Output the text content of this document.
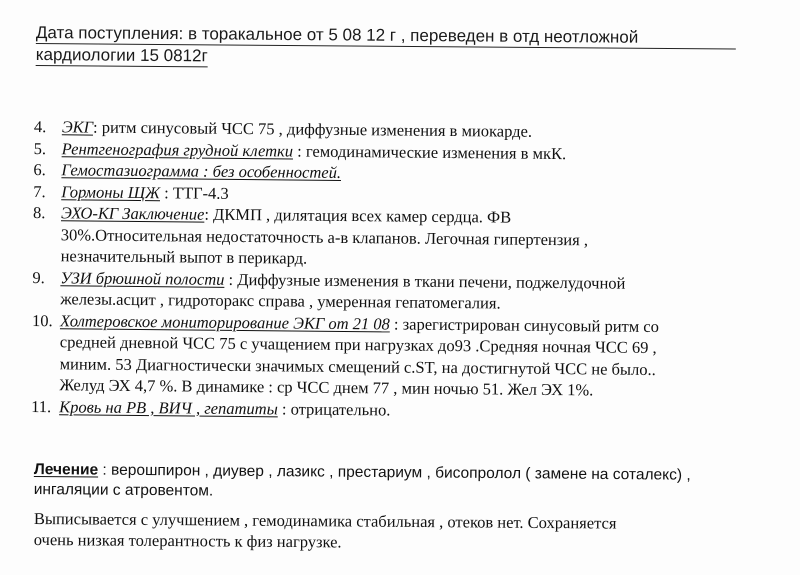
Дата поступления: в торакальное от 5 08 12 г , переведен в отд неотложной
кардиологии 15 0812г
4. ЭКГ: ритм синусовый ЧСС 75 , диффузные изменения в миокарде.
5. Рентгенография грудной клетки : гемодинамические изменения в мкК.
6. Гемостазиограмма : без особенностей.
7. Гормоны ЩЖ : ТТГ-4.3
8. ЭХО-КГ Заключение: ДКМП , дилятация всех камер сердца. ФВ
30%.Относительная недостаточность а-в клапанов. Легочная гипертензия ,
незначительный выпот в перикард.
9. УЗИ брюшной полости : Диффузные изменения в ткани печени, поджелудочной
железы.асцит , гидроторакс справа , умеренная гепатомегалия.
10. Холтеровское мониторирование ЭКГ от 21 08 : зарегистрирован синусовый ритм со
средней дневной ЧСС 75 с учащением при нагрузках до93 .Средняя ночная ЧСС 69 ,
миним. 53 Диагностически значимых смещений с.ST, на достигнутой ЧСС не было..
Желуд ЭХ 4,7 %. В динамике : ср ЧСС днем 77 , мин ночью 51. Жел ЭХ 1%.
11. Кровь на РВ , ВИЧ , гепатиты : отрицательно.
Лечение : верошпирон , диувер , лазикс , престариум , бисопролол ( замене на соталекс) ,
ингаляции с атровентом.
Выписывается с улучшением , гемодинамика стабильная , отеков нет. Сохраняется
очень низкая толерантность к физ нагрузке.
